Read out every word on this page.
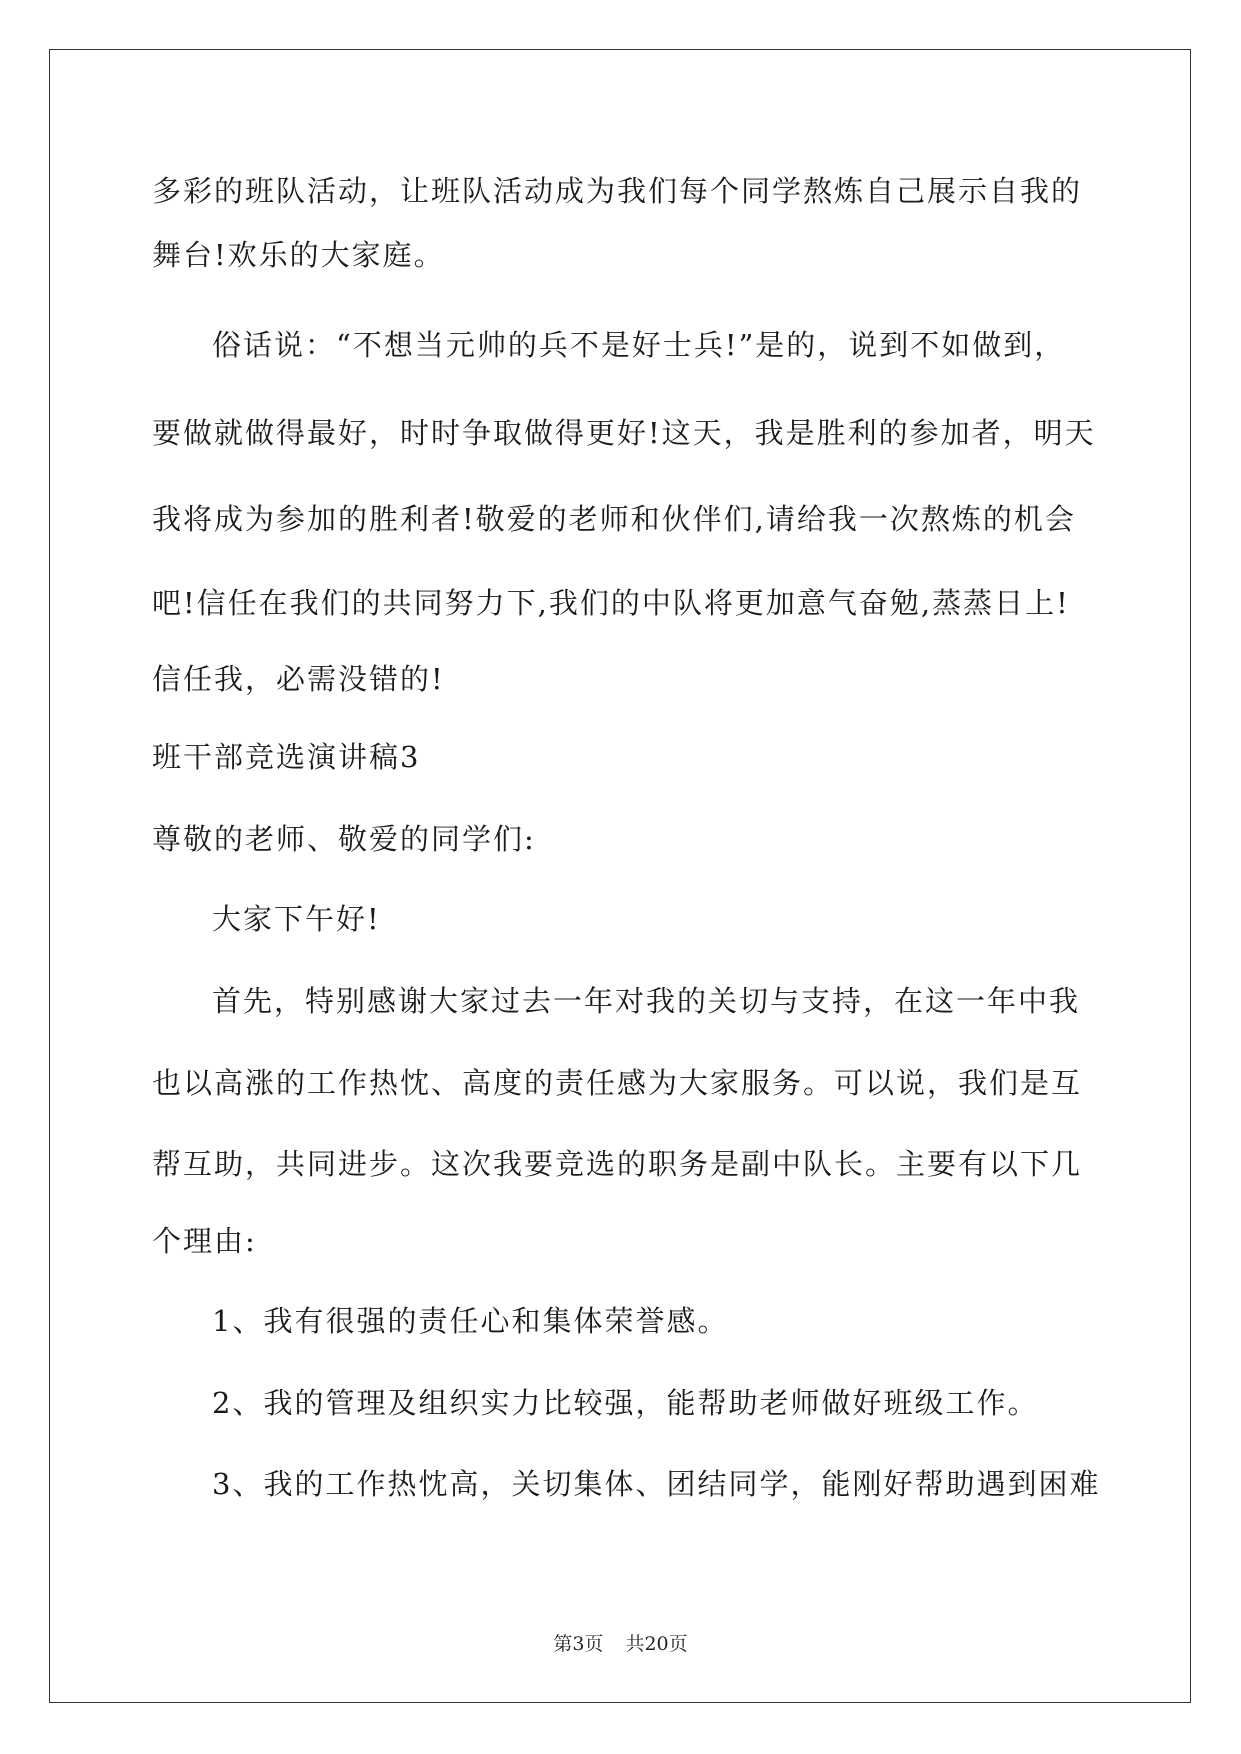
多彩的班队活动，让班队活动成为我们每个同学熬炼自己展示自我的
舞台!欢乐的大家庭。
俗话说：“不想当元帅的兵不是好士兵!”是的，说到不如做到，
要做就做得最好，时时争取做得更好!这天，我是胜利的参加者，明天
我将成为参加的胜利者!敬爱的老师和伙伴们,请给我一次熬炼的机会
吧!信任在我们的共同努力下,我们的中队将更加意气奋勉,蒸蒸日上!
信任我，必需没错的!
班干部竞选演讲稿3
尊敬的老师、敬爱的同学们:
大家下午好!
首先，特别感谢大家过去一年对我的关切与支持，在这一年中我
也以高涨的工作热忱、高度的责任感为大家服务。可以说，我们是互
帮互助，共同进步。这次我要竞选的职务是副中队长。主要有以下几
个理由:
1、我有很强的责任心和集体荣誉感。
2、我的管理及组织实力比较强，能帮助老师做好班级工作。
3、我的工作热忱高，关切集体、团结同学，能刚好帮助遇到困难
第3页 共20页
